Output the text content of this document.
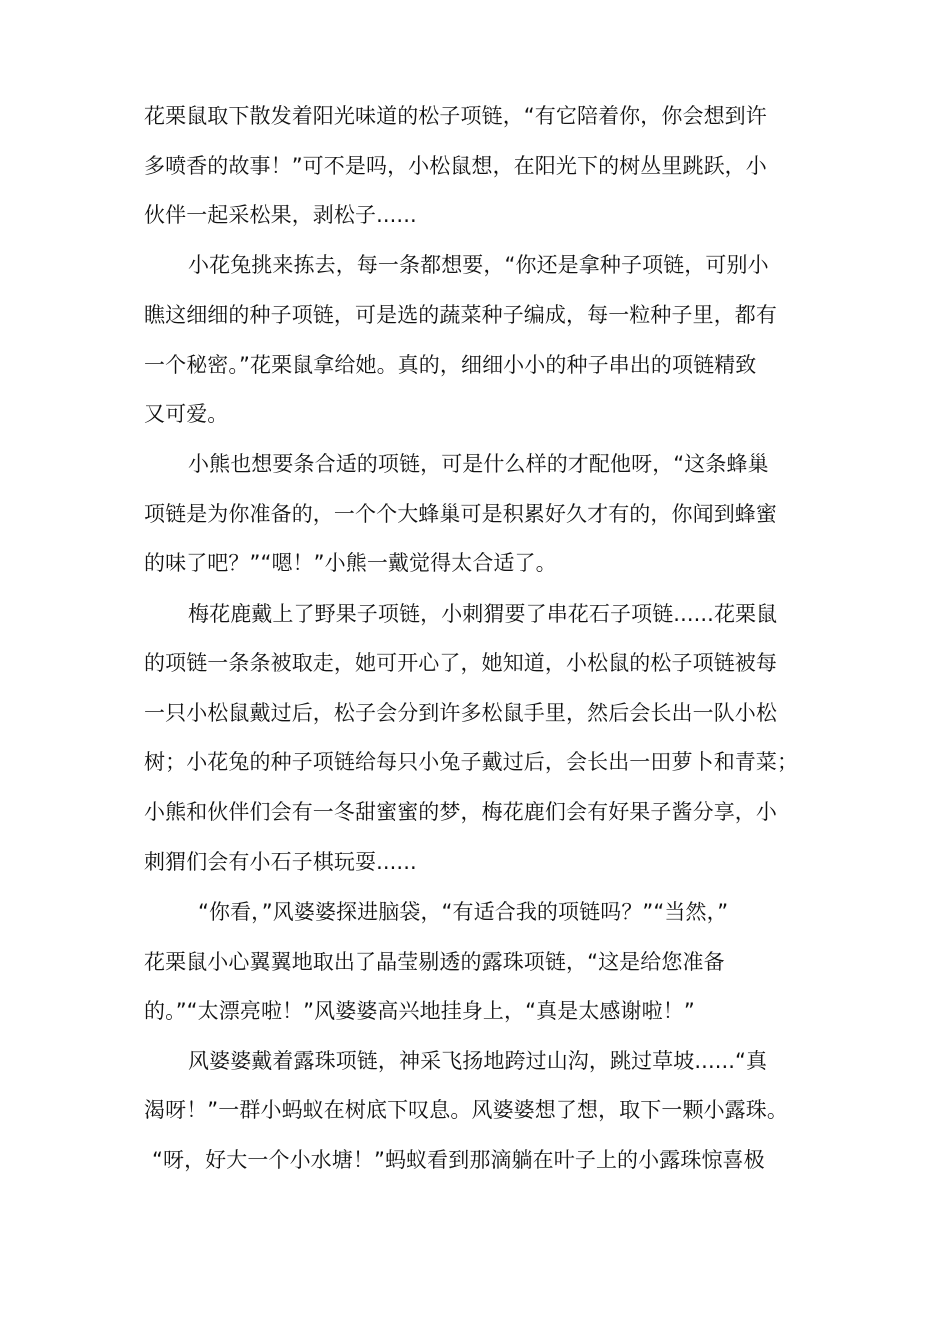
花栗鼠取下散发着阳光味道的松子项链，“有它陪着你，你会想到许
多喷香的故事！”可不是吗，小松鼠想，在阳光下的树丛里跳跃，小
伙伴一起采松果，剥松子......
小花兔挑来拣去，每一条都想要，“你还是拿种子项链，可别小
瞧这细细的种子项链，可是选的蔬菜种子编成，每一粒种子里，都有
一个秘密。”花栗鼠拿给她。真的，细细小小的种子串出的项链精致
又可爱。
小熊也想要条合适的项链，可是什么样的才配他呀，“这条蜂巢
项链是为你准备的，一个个大蜂巢可是积累好久才有的，你闻到蜂蜜
的味了吧？”“嗯！”小熊一戴觉得太合适了。
梅花鹿戴上了野果子项链，小刺猬要了串花石子项链......花栗鼠
的项链一条条被取走，她可开心了，她知道，小松鼠的松子项链被每
一只小松鼠戴过后，松子会分到许多松鼠手里，然后会长出一队小松
树；小花兔的种子项链给每只小兔子戴过后，会长出一田萝卜和青菜；
小熊和伙伴们会有一冬甜蜜蜜的梦，梅花鹿们会有好果子酱分享，小
刺猬们会有小石子棋玩耍......
“你看，”风婆婆探进脑袋，“有适合我的项链吗？”“当然，”
花栗鼠小心翼翼地取出了晶莹剔透的露珠项链，“这是给您准备
的。”“太漂亮啦！”风婆婆高兴地挂身上，“真是太感谢啦！”
风婆婆戴着露珠项链，神采飞扬地跨过山沟，跳过草坡......“真
渴呀！”一群小蚂蚁在树底下叹息。风婆婆想了想，取下一颗小露珠。
“呀，好大一个小水塘！”蚂蚁看到那滴躺在叶子上的小露珠惊喜极
